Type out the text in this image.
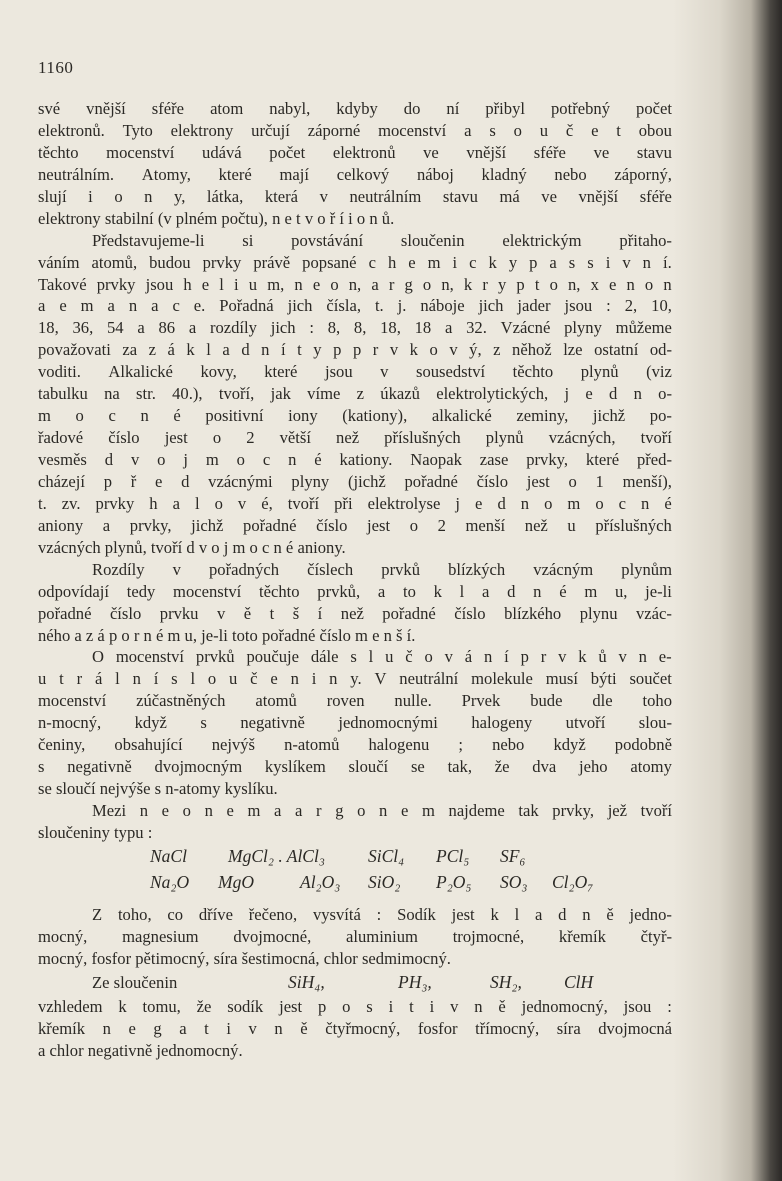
1160
své vnější sféře atom nabyl, kdyby do ní přibyl potřebný počet
elektronů. Tyto elektrony určují záporné mocenství a s o u č e t obou
těchto mocenství udává počet elektronů ve vnější sféře ve stavu
neutrálním. Atomy, které mají celkový náboj kladný nebo záporný,
slují i o n y, látka, která v neutrálním stavu má ve vnější sféře
elektrony stabilní (v plném počtu), n e t v o ř í i o n ů.
Představujeme-li si povstávání sloučenin elektrickým přitaho-
váním atomů, budou prvky právě popsané c h e m i c k y p a s s i v n í.
Takové prvky jsou h e l i u m, n e o n, a r g o n, k r y p t o n, x e n o n
a e m a n a c e. Pořadná jich čísla, t. j. náboje jich jader jsou : 2, 10,
18, 36, 54 a 86 a rozdíly jich : 8, 8, 18, 18 a 32. Vzácné plyny můžeme
považovati za z á k l a d n í t y p p r v k o v ý, z něhož lze ostatní od-
voditi. Alkalické kovy, které jsou v sousedství těchto plynů (viz
tabulku na str. 40.), tvoří, jak víme z úkazů elektrolytických, j e d n o-
m o c n é positivní iony (kationy), alkalické zeminy, jichž po-
řadové číslo jest o 2 větší než příslušných plynů vzácných, tvoří
vesměs d v o j m o c n é kationy. Naopak zase prvky, které před-
cházejí p ř e d vzácnými plyny (jichž pořadné číslo jest o 1 menší),
t. zv. prvky h a l o v é, tvoří při elektrolyse j e d n o m o c n é
aniony a prvky, jichž pořadné číslo jest o 2 menší než u příslušných
vzácných plynů, tvoří d v o j m o c n é aniony.
Rozdíly v pořadných číslech prvků blízkých vzácným plynům
odpovídají tedy mocenství těchto prvků, a to k l a d n é m u, je-li
pořadné číslo prvku v ě t š í než pořadné číslo blízkého plynu vzác-
ného a z á p o r n é m u, je-li toto pořadné číslo m e n š í.
O mocenství prvků poučuje dále s l u č o v á n í p r v k ů v n e-
u t r á l n í s l o u č e n i n y. V neutrální molekule musí býti součet
mocenství zúčastněných atomů roven nulle. Prvek bude dle toho
n-mocný, když s negativně jednomocnými halogeny utvoří slou-
čeniny, obsahující nejvýš n-atomů halogenu ; nebo když podobně
s negativně dvojmocným kyslíkem sloučí se tak, že dva jeho atomy
se sloučí nejvýše s n-atomy kyslíku.
Mezi n e o n e m a a r g o n e m najdeme tak prvky, jež tvoří
sloučeniny typu :
NaCl	MgCl₂ . AlCl₃	SiCl₄	PCl₅	SF₆
Na₂O	MgO	Al₂O₃	SiO₂	P₂O₅	SO₃	Cl₂O₇
Z toho, co dříve řečeno, vysvítá : Sodík jest k l a d n ě jedno-
mocný, magnesium dvojmocné, aluminium trojmocné, křemík čtyř-
mocný, fosfor pětimocný, síra šestimocná, chlor sedmimocný.
Ze sloučenin	SiH₄,	PH₃,	SH₂,	ClH
vzhledem k tomu, že sodík jest p o s i t i v n ě jednomocný, jsou :
křemík n e g a t i v n ě čtyřmocný, fosfor třímocný, síra dvojmocná
a chlor negativně jednomocný.
